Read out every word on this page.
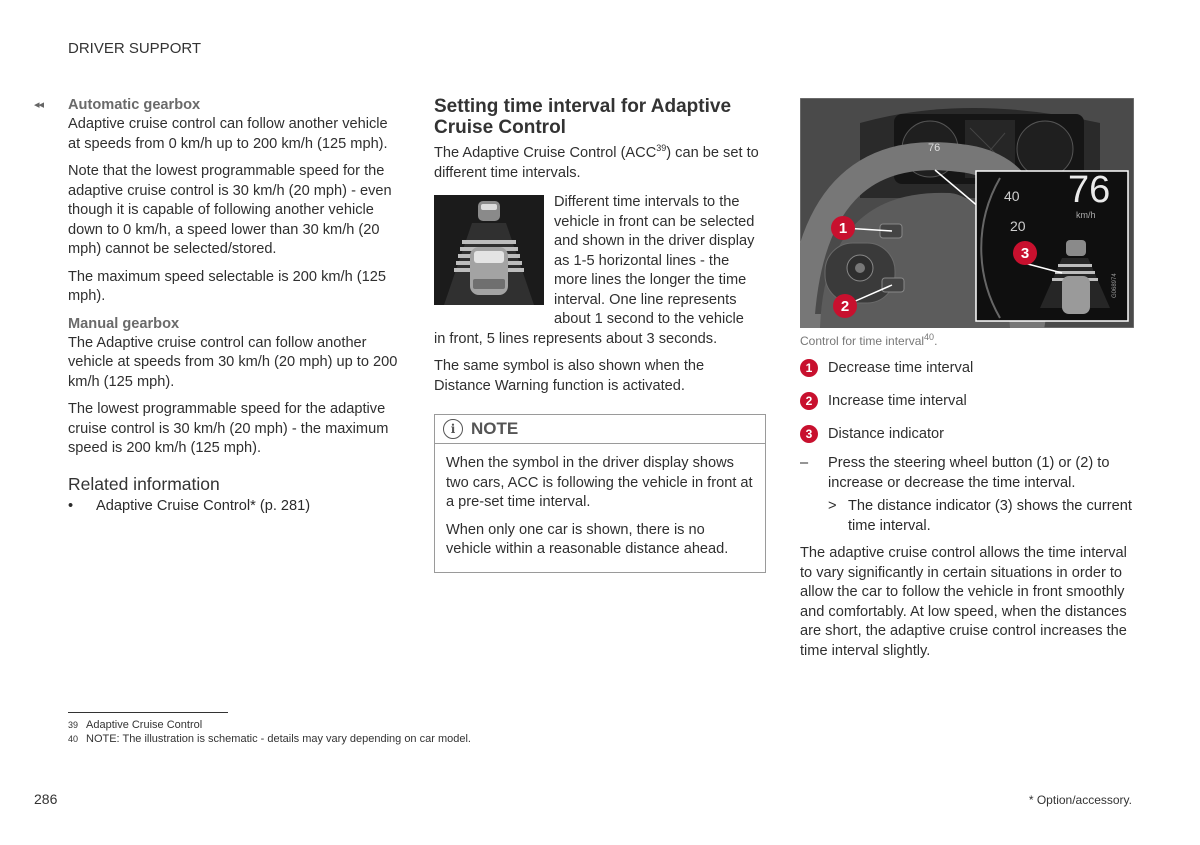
DRIVER SUPPORT
◂◂ Automatic gearbox

Adaptive cruise control can follow another vehicle at speeds from 0 km/h up to 200 km/h (125 mph).

Note that the lowest programmable speed for the adaptive cruise control is 30 km/h (20 mph) - even though it is capable of following another vehicle down to 0 km/h, a speed lower than 30 km/h (20 mph) cannot be selected/stored.

The maximum speed selectable is 200 km/h (125 mph).

Manual gearbox

The Adaptive cruise control can follow another vehicle at speeds from 30 km/h (20 mph) up to 200 km/h (125 mph).

The lowest programmable speed for the adaptive cruise control is 30 km/h (20 mph) - the maximum speed is 200 km/h (125 mph).

Related information

•	Adaptive Cruise Control* (p. 281)

Setting time interval for Adaptive Cruise Control

The Adaptive Cruise Control (ACC$^{39}$) can be set to different time intervals.

Different time intervals to the vehicle in front can be selected and shown in the driver display as 1-5 horizontal lines - the more lines the longer the time interval. One line represents about 1 second to the vehicle

in front, 5 lines represents about 3 seconds.

The same symbol is also shown when the Distance Warning function is activated.

i NOTE

When the symbol in the driver display shows two cars, ACC is following the vehicle in front at a pre-set time interval.

When only one car is shown, there is no vehicle within a reasonable distance ahead.

76
76
km/h
40
20
1
2
3
G068974
Control for time interval$^{40}$.
1	Decrease time interval
2	Increase time interval
3	Distance indicator
–	Press the steering wheel button (1) or (2) to increase or decrease the time interval.
> The distance indicator (3) shows the current time interval.

The adaptive cruise control allows the time interval to vary significantly in certain situations in order to allow the car to follow the vehicle in front smoothly and comfortably. At low speed, when the distances are short, the adaptive cruise control increases the time interval slightly.

39 Adaptive Cruise Control
40 NOTE: The illustration is schematic - details may vary depending on car model.
286	* Option/accessory.
